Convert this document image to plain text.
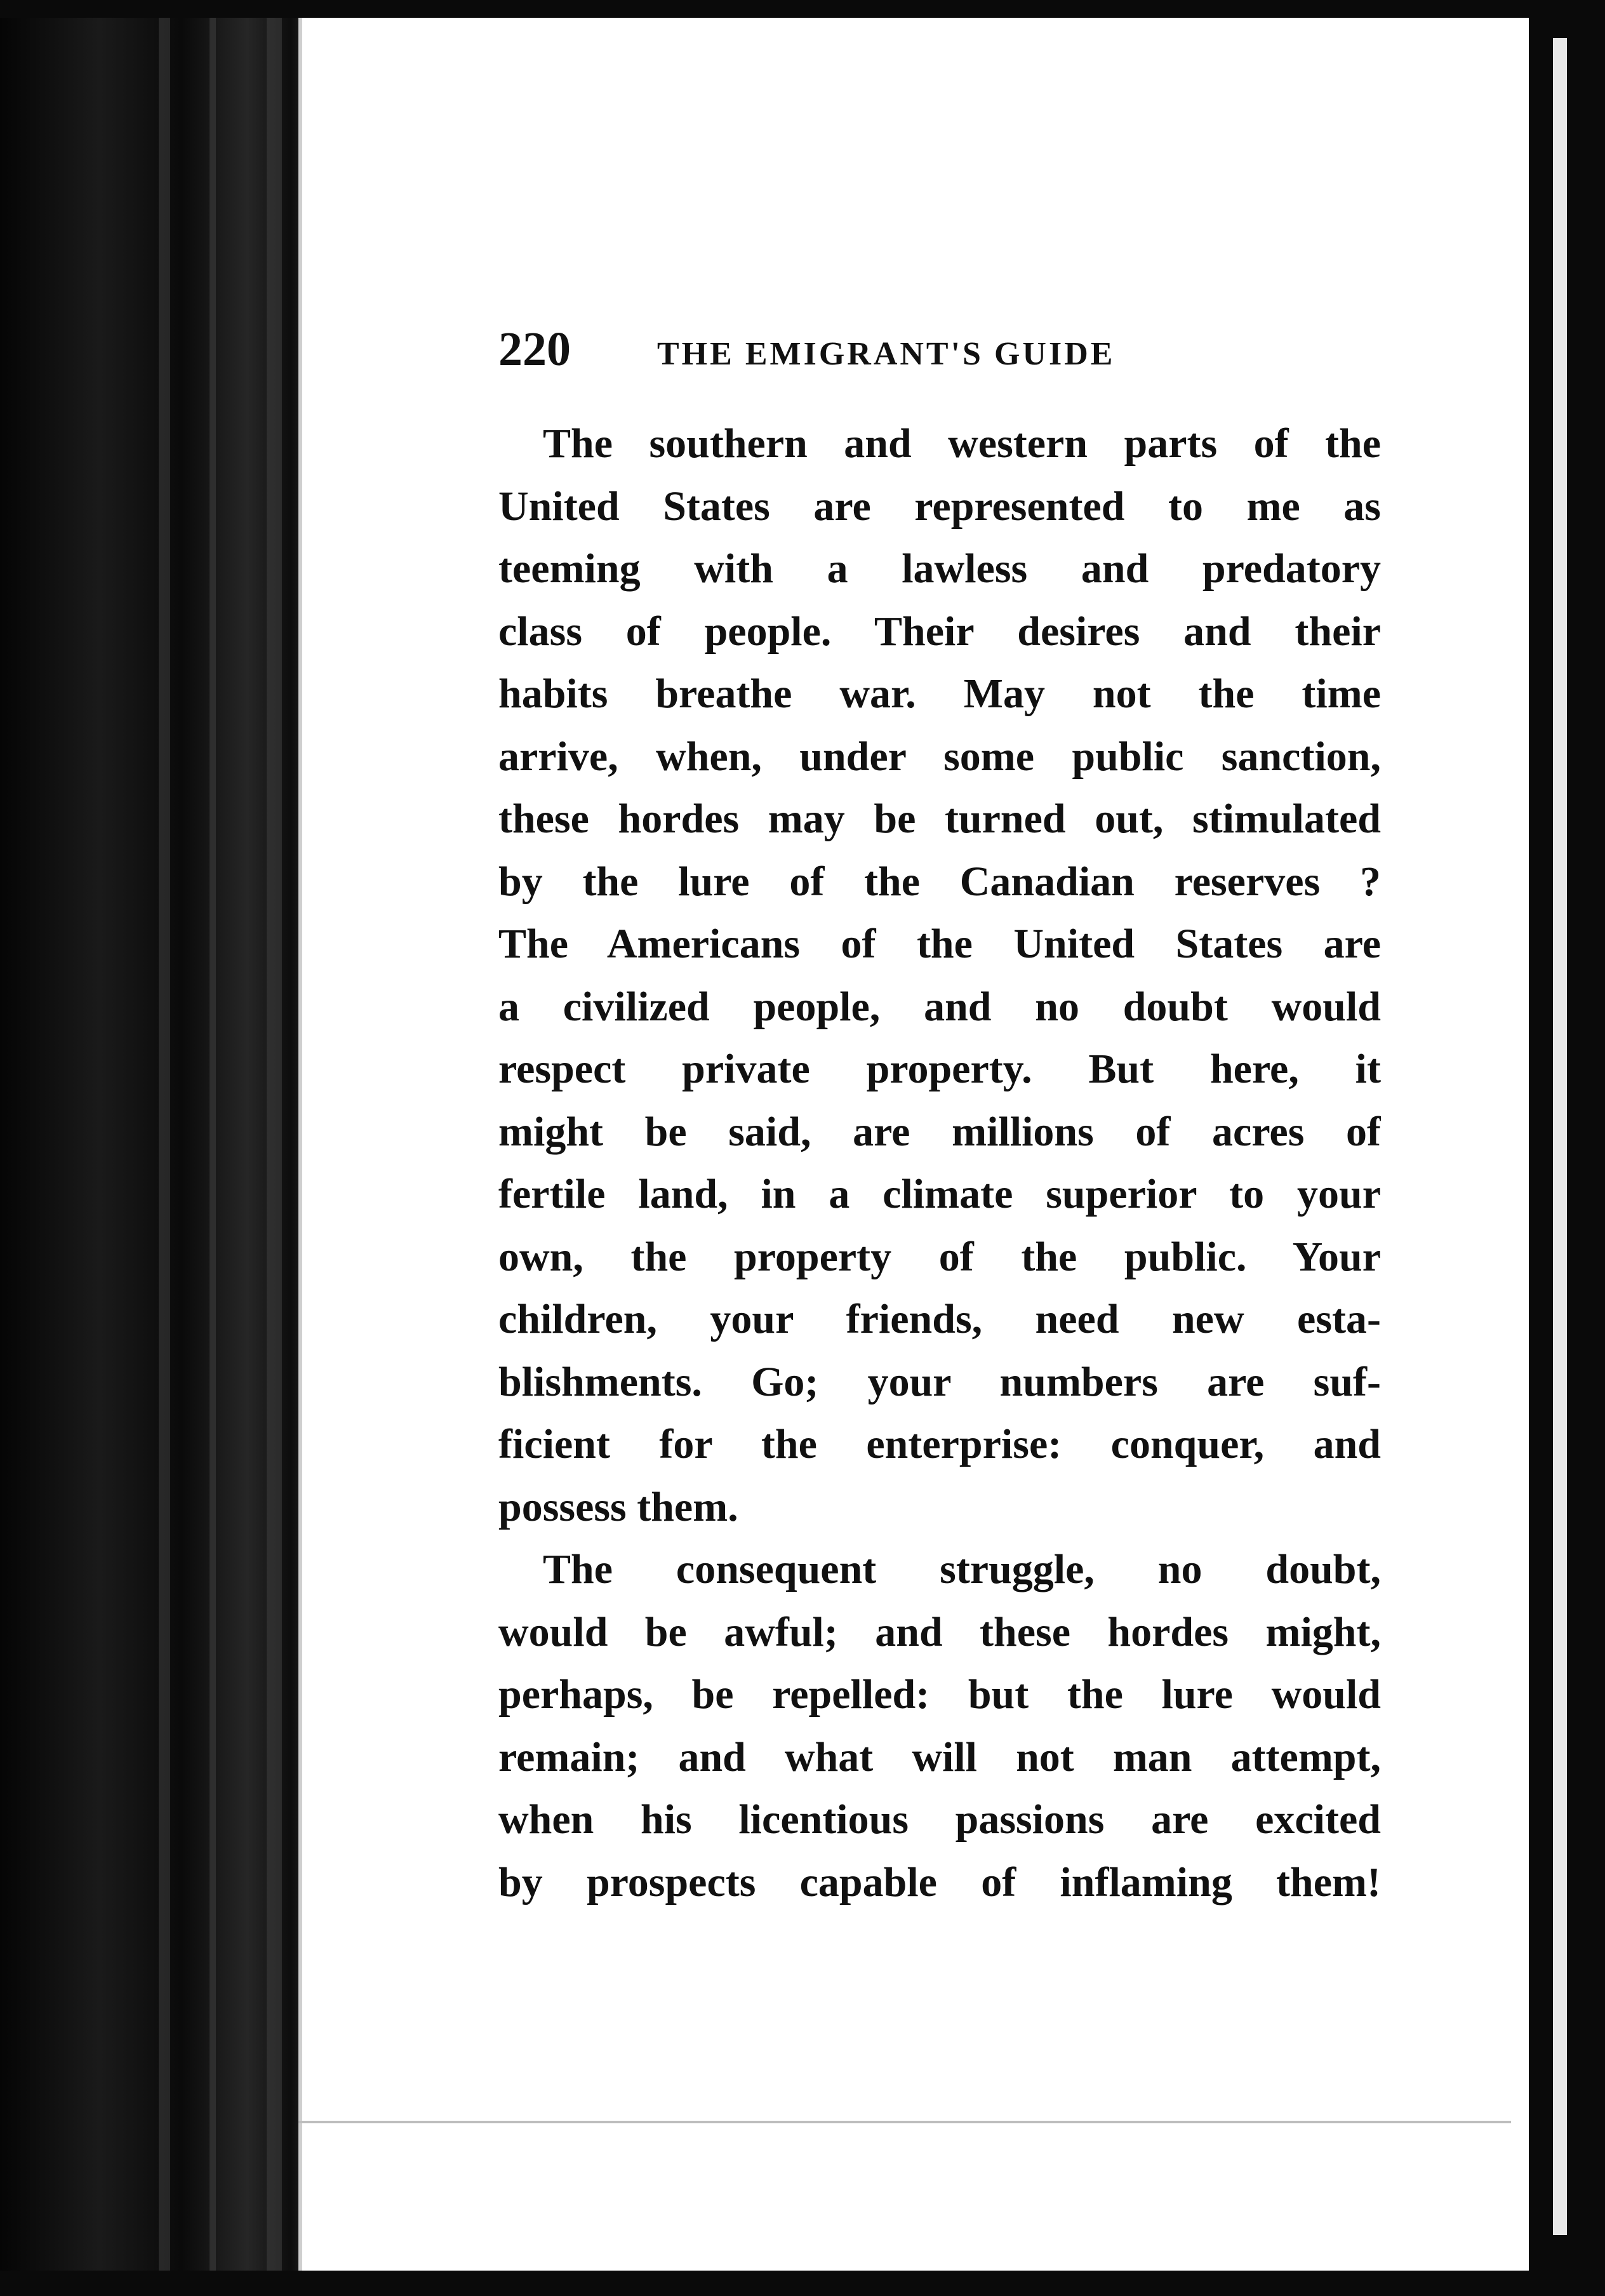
220	THE EMIGRANT'S GUIDE
The southern and western parts of the
United States are represented to me as
teeming with a lawless and predatory
class of people. Their desires and their
habits breathe war. May not the time
arrive, when, under some public sanction,
these hordes may be turned out, stimulated
by the lure of the Canadian reserves ?
The Americans of the United States are
a civilized people, and no doubt would
respect private property. But here, it
might be said, are millions of acres of
fertile land, in a climate superior to your
own, the property of the public. Your
children, your friends, need new esta-
blishments. Go; your numbers are suf-
ficient for the enterprise: conquer, and
possess them.
The consequent struggle, no doubt,
would be awful; and these hordes might,
perhaps, be repelled: but the lure would
remain; and what will not man attempt,
when his licentious passions are excited
by prospects capable of inflaming them!
